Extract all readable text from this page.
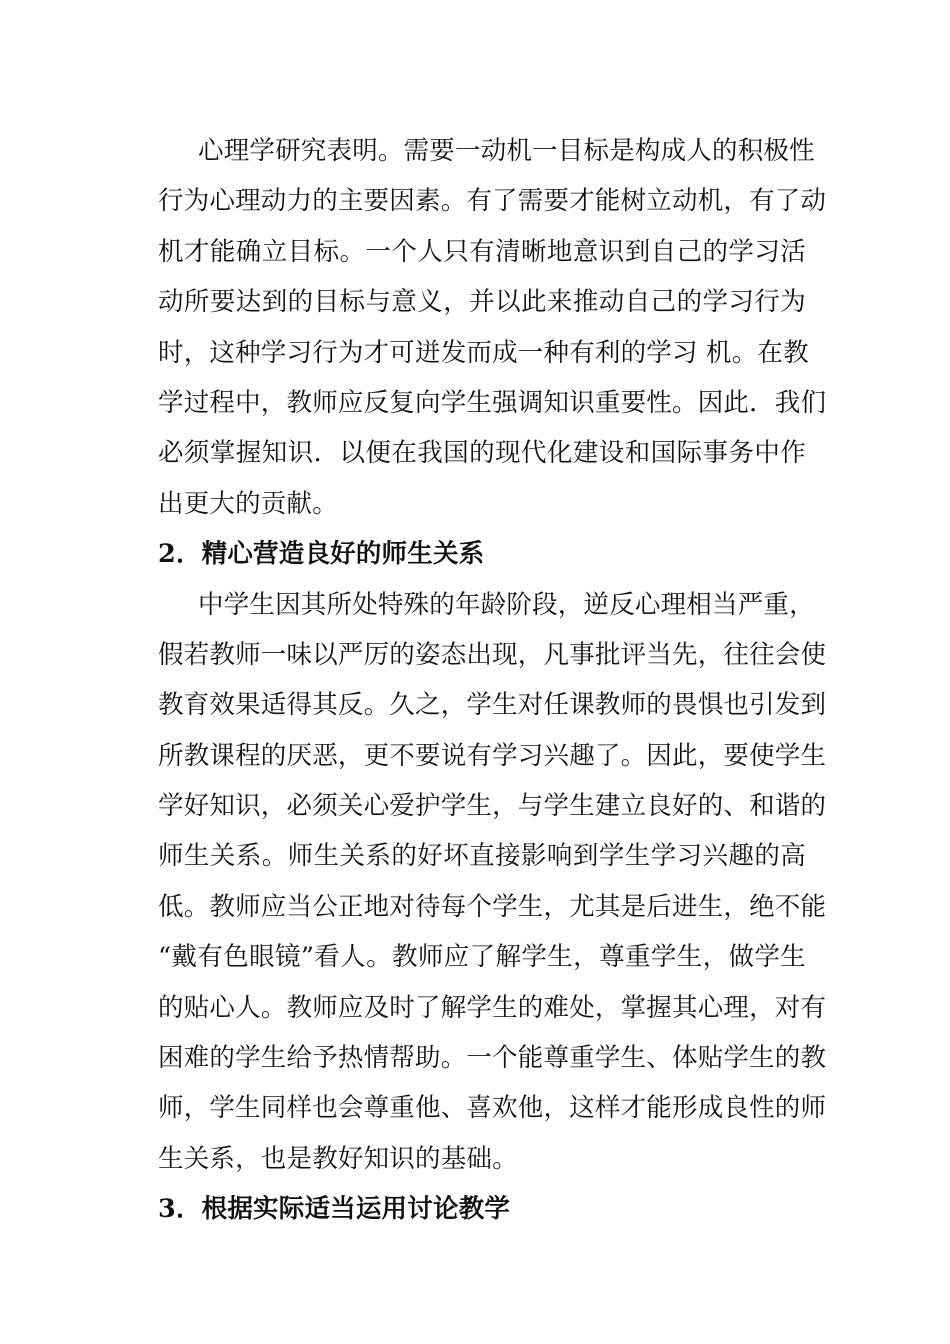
心理学研究表明。需要一动机一目标是构成人的积极性
行为心理动力的主要因素。有了需要才能树立动机，有了动
机才能确立目标。一个人只有清晰地意识到自己的学习活
动所要达到的目标与意义，并以此来推动自己的学习行为
时，这种学习行为才可迸发而成一种有利的学习 机。在教
学过程中，教师应反复向学生强调知识重要性。因此．我们
必须掌握知识．以便在我国的现代化建设和国际事务中作
出更大的贡献。
2．精心营造良好的师生关系
中学生因其所处特殊的年龄阶段，逆反心理相当严重，
假若教师一味以严厉的姿态出现，凡事批评当先，往往会使
教育效果适得其反。久之，学生对任课教师的畏惧也引发到
所教课程的厌恶，更不要说有学习兴趣了。因此，要使学生
学好知识，必须关心爱护学生，与学生建立良好的、和谐的
师生关系。师生关系的好坏直接影响到学生学习兴趣的高
低。教师应当公正地对待每个学生，尤其是后进生，绝不能
“戴有色眼镜”看人。教师应了解学生，尊重学生，做学生
的贴心人。教师应及时了解学生的难处，掌握其心理，对有
困难的学生给予热情帮助。一个能尊重学生、体贴学生的教
师，学生同样也会尊重他、喜欢他，这样才能形成良性的师
生关系，也是教好知识的基础。
3．根据实际适当运用讨论教学
